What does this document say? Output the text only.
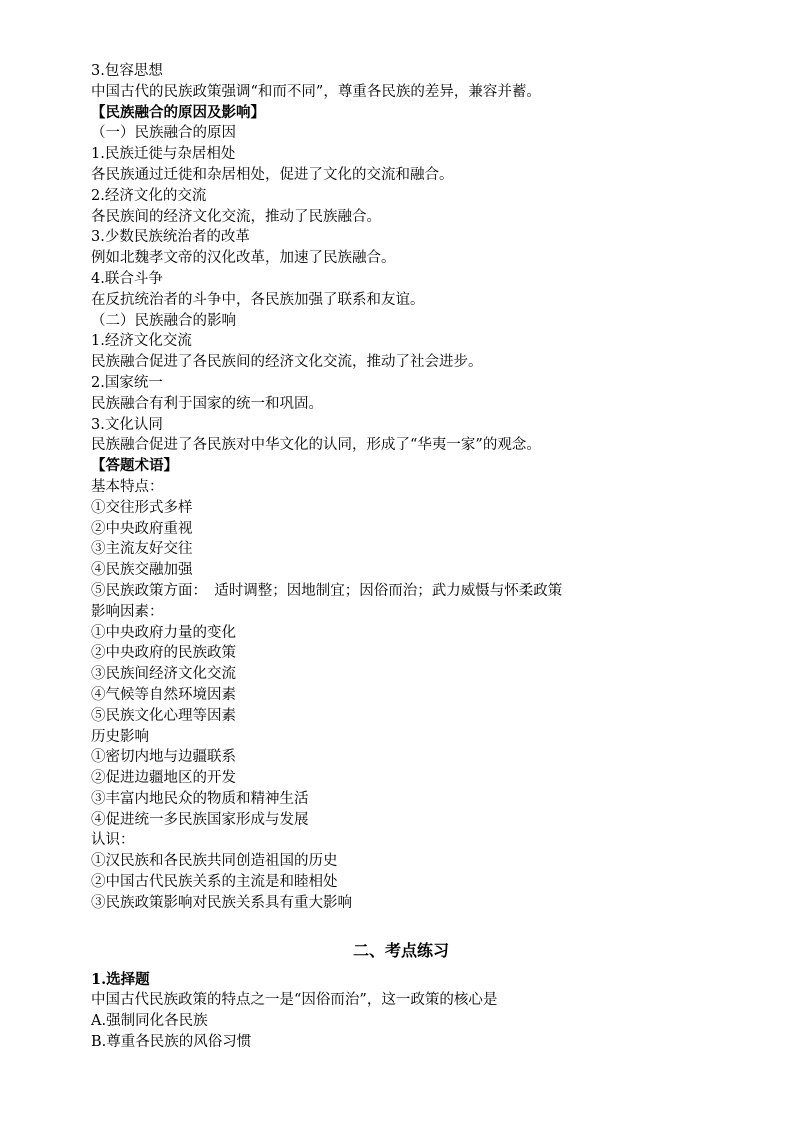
3.包容思想
中国古代的民族政策强调“和而不同”，尊重各民族的差异，兼容并蓄。
【民族融合的原因及影响】
（一）民族融合的原因
1.民族迁徙与杂居相处
各民族通过迁徙和杂居相处，促进了文化的交流和融合。
2.经济文化的交流
各民族间的经济文化交流，推动了民族融合。
3.少数民族统治者的改革
例如北魏孝文帝的汉化改革，加速了民族融合。
4.联合斗争
在反抗统治者的斗争中，各民族加强了联系和友谊。
（二）民族融合的影响
1.经济文化交流
民族融合促进了各民族间的经济文化交流，推动了社会进步。
2.国家统一
民族融合有利于国家的统一和巩固。
3.文化认同
民族融合促进了各民族对中华文化的认同，形成了“华夷一家”的观念。
【答题术语】
基本特点：
①交往形式多样
②中央政府重视
③主流友好交往
④民族交融加强
⑤民族政策方面：　适时调整；因地制宜；因俗而治；武力威慑与怀柔政策
影响因素：
①中央政府力量的变化
②中央政府的民族政策
③民族间经济文化交流
④气候等自然环境因素
⑤民族文化心理等因素
历史影响
①密切内地与边疆联系
②促进边疆地区的开发
③丰富内地民众的物质和精神生活
④促进统一多民族国家形成与发展
认识：
①汉民族和各民族共同创造祖国的历史
②中国古代民族关系的主流是和睦相处
③民族政策影响对民族关系具有重大影响
二、考点练习
1.选择题
中国古代民族政策的特点之一是“因俗而治”，这一政策的核心是
A.强制同化各民族
B.尊重各民族的风俗习惯
